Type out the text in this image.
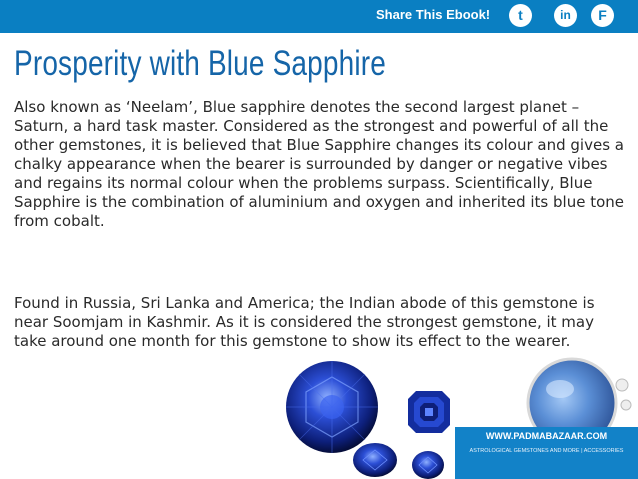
Share This Ebook!	t	in	F
Prosperity with Blue Sapphire

Also known as ‘Neelam’, Blue sapphire denotes the second largest planet – Saturn, a hard task master. Considered as the strongest and powerful of all the other gemstones, it is believed that Blue Sapphire changes its colour and gives a chalky appearance when the bearer is surrounded by danger or negative vibes and regains its normal colour when the problems surpass. Scientifically, Blue Sapphire is the combination of aluminium and oxygen and inherited its blue tone from cobalt.

Found in Russia, Sri Lanka and America; the Indian abode of this gemstone is near Soomjam in Kashmir. As it is considered the strongest gemstone, it may take around one month for this gemstone to show its effect to the wearer.

WWW.PADMABAZAAR.COM
ASTROLOGICAL GEMSTONES AND MORE | ACCESSORIES
